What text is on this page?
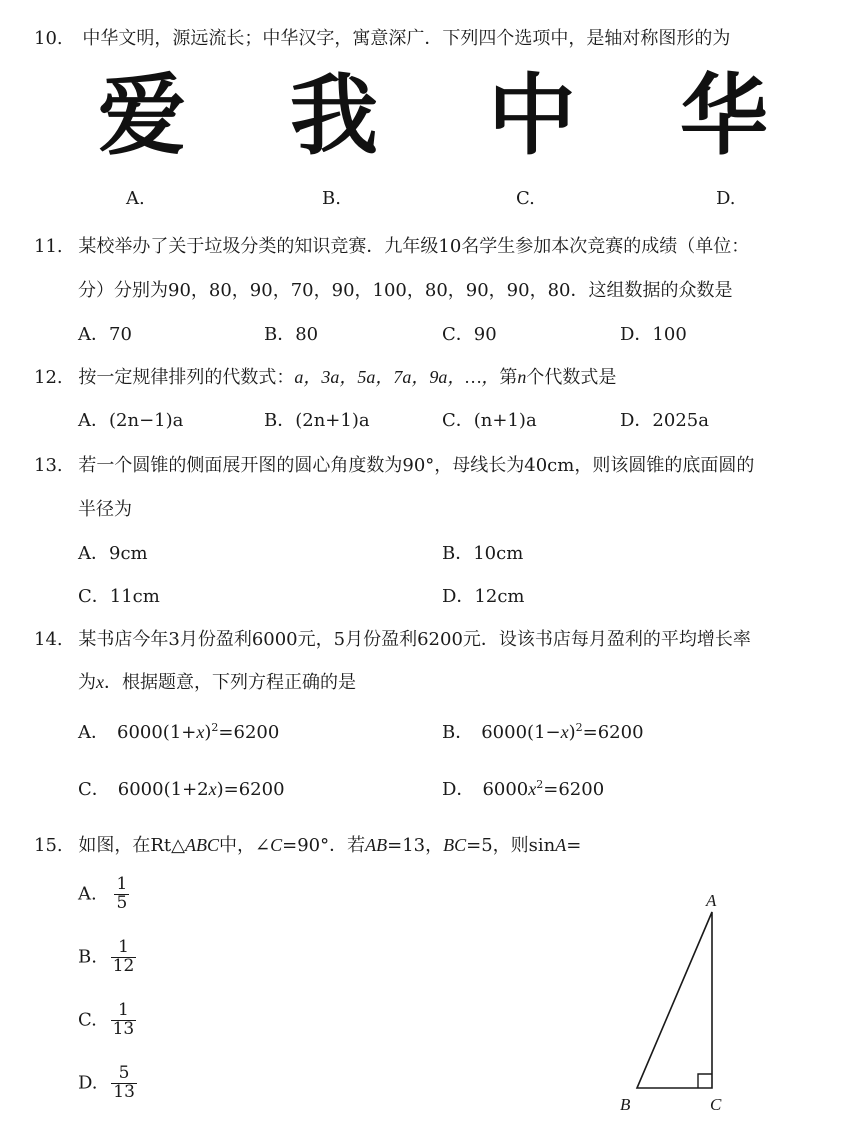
10. 中华文明，源远流长；中华汉字，寓意深广．下列四个选项中，是轴对称图形的为
爱 我 中 华
A.	B.	C.	D.
11. 某校举办了关于垃圾分类的知识竞赛．九年级10名学生参加本次竞赛的成绩（单位：
分）分别为90，80，90，70，90，100，80，90，90，80．这组数据的众数是
A．70	B．80	C．90	D．100
12. 按一定规律排列的代数式：a，3a，5a，7a，9a，…，第n个代数式是
A．(2n−1)a	B．(2n+1)a	C．(n+1)a	D．2025a
13. 若一个圆锥的侧面展开图的圆心角度数为90°，母线长为40cm，则该圆锥的底面圆的
半径为
A．9cm	B．10cm
C．11cm	D．12cm
14. 某书店今年3月份盈利6000元，5月份盈利6200元．设该书店每月盈利的平均增长率
为x．根据题意，下列方程正确的是
A． $6000(1+x)^2=6200$	B． $6000(1-x)^2=6200$
C． 6000(1+2x)=6200	D． $6000x^2=6200$
15. 如图，在Rt△ABC中，∠C=90°．若AB=13，BC=5，则sinA=
A. $\frac{1}{5}$
B. $\frac{1}{12}$
C. $\frac{1}{13}$
D. $\frac{5}{13}$
A
B	C
